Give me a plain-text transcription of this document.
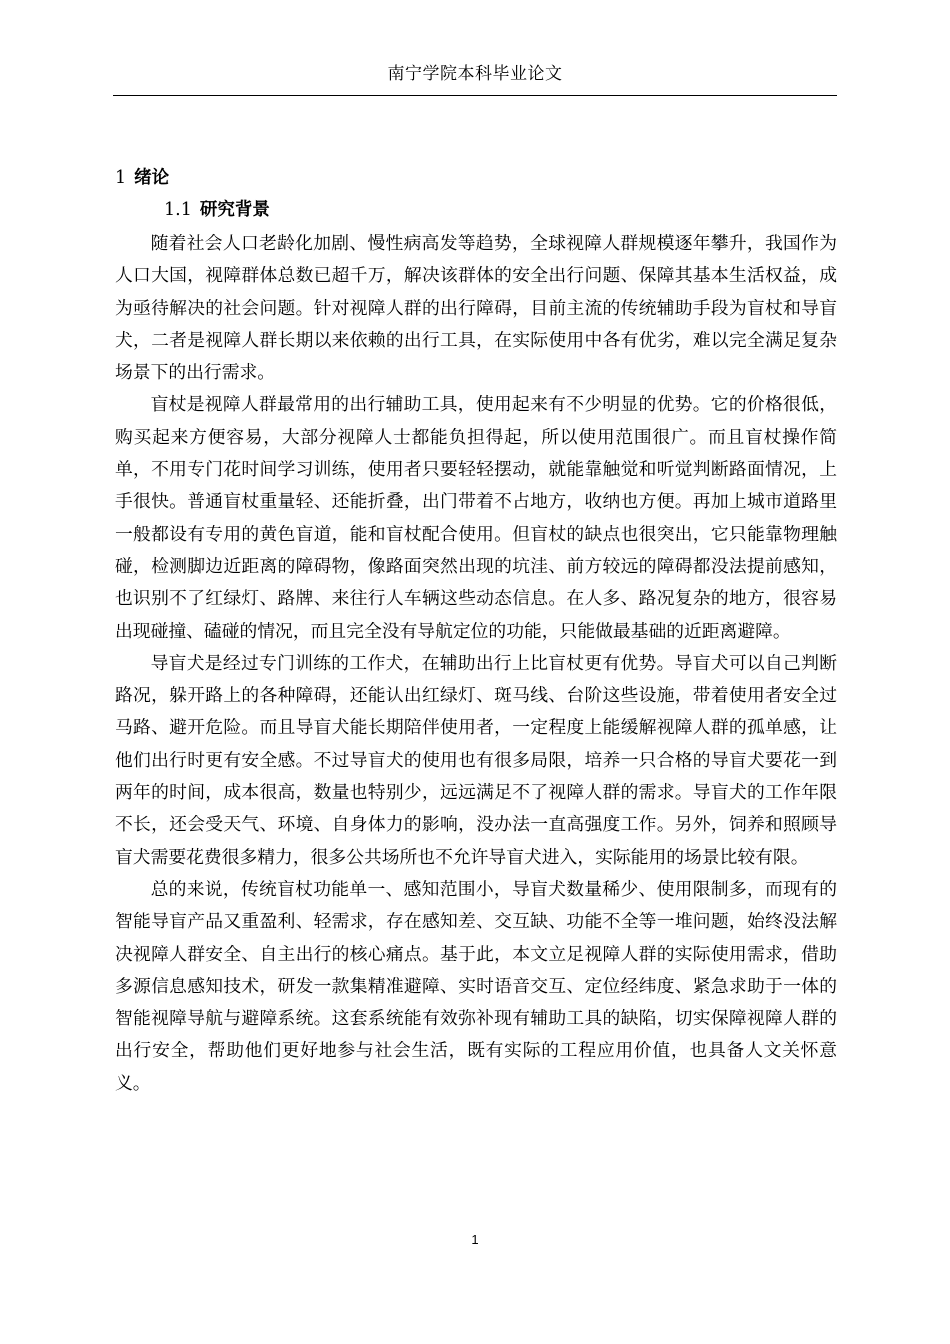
南宁学院本科毕业论文
1 绪论
1.1 研究背景

随着社会人口老龄化加剧、慢性病高发等趋势，全球视障人群规模逐年攀升，我国作为人口大国，视障群体总数已超千万，解决该群体的安全出行问题、保障其基本生活权益，成为亟待解决的社会问题。针对视障人群的出行障碍，目前主流的传统辅助手段为盲杖和导盲犬，二者是视障人群长期以来依赖的出行工具，在实际使用中各有优劣，难以完全满足复杂场景下的出行需求。

盲杖是视障人群最常用的出行辅助工具，使用起来有不少明显的优势。它的价格很低，购买起来方便容易，大部分视障人士都能负担得起，所以使用范围很广。而且盲杖操作简单，不用专门花时间学习训练，使用者只要轻轻摆动，就能靠触觉和听觉判断路面情况，上手很快。普通盲杖重量轻、还能折叠，出门带着不占地方，收纳也方便。再加上城市道路里一般都设有专用的黄色盲道，能和盲杖配合使用。但盲杖的缺点也很突出，它只能靠物理触碰，检测脚边近距离的障碍物，像路面突然出现的坑洼、前方较远的障碍都没法提前感知，也识别不了红绿灯、路牌、来往行人车辆这些动态信息。在人多、路况复杂的地方，很容易出现碰撞、磕碰的情况，而且完全没有导航定位的功能，只能做最基础的近距离避障。

导盲犬是经过专门训练的工作犬，在辅助出行上比盲杖更有优势。导盲犬可以自己判断路况，躲开路上的各种障碍，还能认出红绿灯、斑马线、台阶这些设施，带着使用者安全过马路、避开危险。而且导盲犬能长期陪伴使用者，一定程度上能缓解视障人群的孤单感，让他们出行时更有安全感。不过导盲犬的使用也有很多局限，培养一只合格的导盲犬要花一到两年的时间，成本很高，数量也特别少，远远满足不了视障人群的需求。导盲犬的工作年限不长，还会受天气、环境、自身体力的影响，没办法一直高强度工作。另外，饲养和照顾导盲犬需要花费很多精力，很多公共场所也不允许导盲犬进入，实际能用的场景比较有限。

总的来说，传统盲杖功能单一、感知范围小，导盲犬数量稀少、使用限制多，而现有的智能导盲产品又重盈利、轻需求，存在感知差、交互缺、功能不全等一堆问题，始终没法解决视障人群安全、自主出行的核心痛点。基于此，本文立足视障人群的实际使用需求，借助多源信息感知技术，研发一款集精准避障、实时语音交互、定位经纬度、紧急求助于一体的智能视障导航与避障系统。这套系统能有效弥补现有辅助工具的缺陷，切实保障视障人群的出行安全，帮助他们更好地参与社会生活，既有实际的工程应用价值，也具备人文关怀意义。

1
